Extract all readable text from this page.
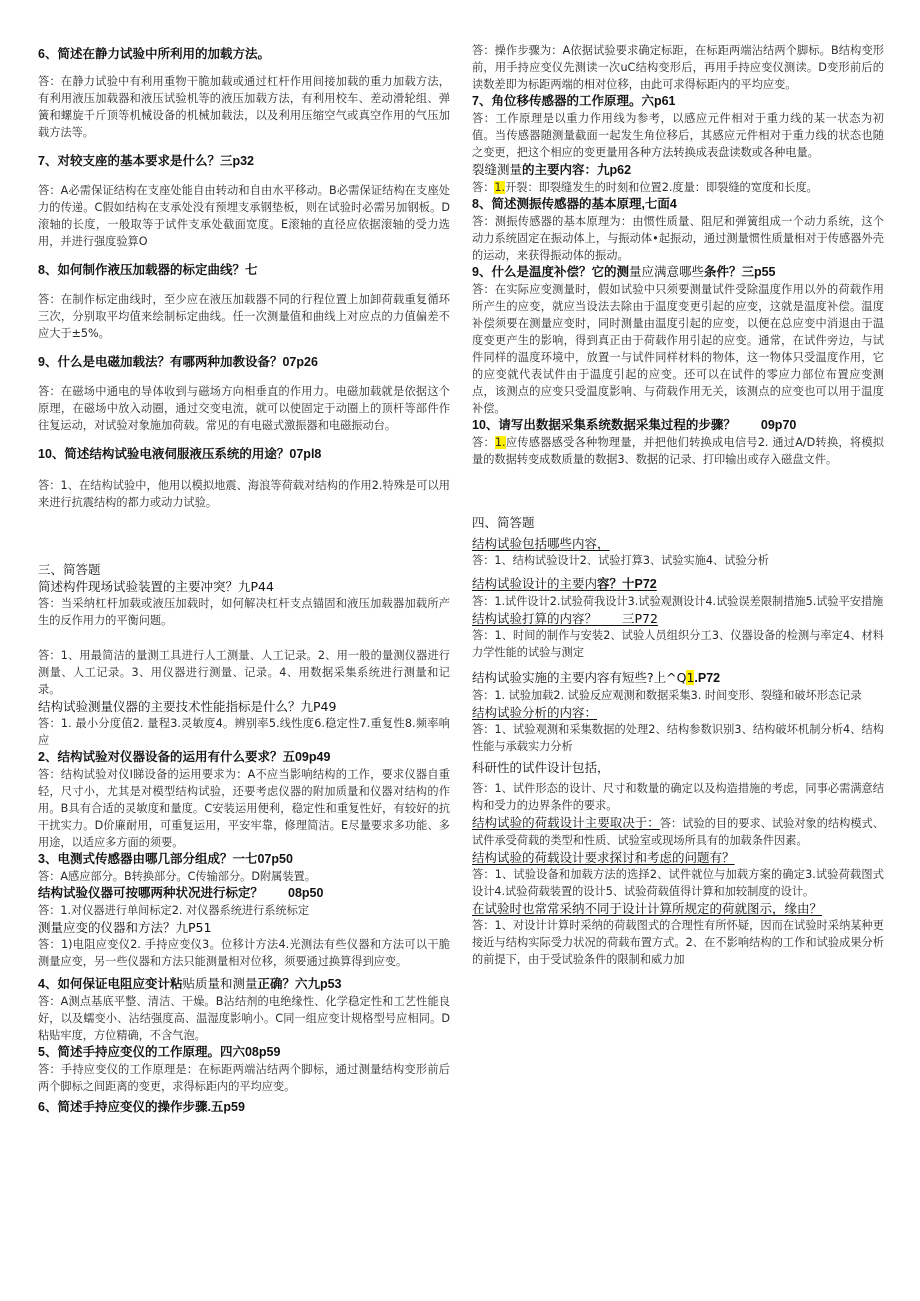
6、简述在静力试验中所利用的加载方法。
答：在静力试验中有利用重物干脆加载或通过杠杆作用间接加载的重力加载方法，有利用液压加载器和液压试验机等的液压加载方法，有利用校车、差动滑轮组、弹簧和螺旋千斤顶等机械设备的机械加载法，以及利用压缩空气或真空作用的气压加载方法等。
7、对较支座的基本要求是什么？三p32
答：A必需保证结构在支座处能自由转动和自由水平移动。B必需保证结构在支座处力的传递。C假如结构在支承处没有预埋支承钢垫板，则在试验时必需另加钢板。D滚轴的长度，一般取等于试件支承处截面宽度。E滚轴的直径应依据滚轴的受力选用，并进行强度验算O
8、如何制作液压加载器的标定曲线？七
答：在制作标定曲线时，至少应在液压加载器不同的行程位置上加卸荷载重复循环三次，分别取平均值来绘制标定曲线。任一次测量值和曲线上对应点的力值偏差不应大于±5%。
9、什么是电磁加载法？有哪两种加教设备？07p26
答：在磁场中通电的导体收到与磁场方向相垂直的作用力。电磁加载就是依据这个原理，在磁场中放入动圈，通过交变电流，就可以使固定于动圈上的顶杆等部件作往复运动，对试验对象施加荷载。常见的有电磁式激振器和电磁振动台。
10、简述结构试验电液伺服液压系统的用途？07pl8
答：1、在结构试验中，他用以模拟地震、海浪等荷载对结构的作用2.特殊是可以用来进行抗震结构的都力或动力试验。
三、简答题
简述构件现场试验装置的主要冲突？九P44
答：当采纳杠杆加载或液压加载时，如何解决杠杆支点锚固和液压加载器加载所产生的反作用力的平衡问题。
答：1、用最简洁的量测工具进行人工测量、人工记录。2、用一般的量测仪器进行测量、人工记录。3、用仪器进行测量、记录。4、用数据采集系统进行测量和记录。
结构试验测量仪器的主要技术性能指标是什么？九P49
答：1. 最小分度值2. 量程3.灵敏度4。辨别率5.线性度6.稳定性7.重复性8.频率响应
2、结构试验对仪器设备的运用有什么要求？五09p49
答：结构试验对仪I睇设备的运用要求为：A不应当影响结构的工作，要求仪器自重轻，尺寸小，尤其是对模型结构试验，还要考虑仪器的附加质量和仪器对结构的作用。B具有合适的灵敏度和量度。C安装运用便利，稳定性和重复性好，有较好的抗干扰实力。D价廉耐用，可重复运用，平安牢靠，修理简洁。E尽量要求多功能、多用途，以适应多方面的须要。
3、电测式传感器由哪几部分组成？一七07p50
答：A感应部分。B转换部分。C传输部分。D附属装置。
结构试验仪器可按哪两种状况进行标定？　　08p50
答：1.对仪器进行单间标定2. 对仪器系统进行系统标定
测量应变的仪器和方法？九P51
答：1)电阻应变仪2. 手持应变仪3。位移计方法4.光测法有些仪器和方法可以干脆测量应变，另一些仪器和方法只能测量相对位移，须要通过换算得到应变。
4、如何保证电阻应变计粘贴质量和测量正确？六九p53
答：A测点基底平整、清洁、干燥。B沾结剂的电绝缘性、化学稳定性和工艺性能良好，以及蠕变小、沾结强度高、温湿度影响小。C同一组应变计规格型号应相同。D粘贴牢度，方位精确，不含气泡。
5、简述手持应变仪的工作原理。四六08p59
答：手持应变仪的工作原理是：在标距两端沾结两个脚标，通过测量结构变形前后两个脚标之间距离的变更，求得标距内的平均应变。
6、简述手持应变仪的操作步骤.五p59
答：操作步骤为：A依据试验要求确定标距，在标距两端沾结两个脚标。B结构变形前，用手持应变仪先测读一次uC结构变形后，再用手持应变仪测读。D变形前后的读数差即为标距两端的相对位移，由此可求得标距内的平均应变。
7、角位移传感器的工作原理。六p61
答：工作原理是以重力作用线为参考，以感应元件相对于重力线的某一状态为初值。当传感器随测量截面一起发生角位移后，其感应元件相对于重力线的状态也随之变更，把这个相应的变更量用各种方法转换成表盘读数或各种电量。
裂缝测量的主要内容：九p62
答：1.开裂：即裂缝发生的时刻和位置2.度量：即裂缝的宽度和长度。
8、简述测振传感器的基本原理,七面4
答：测振传感器的基本原理为：由惯性质量、阻尼和弹簧组成一个动力系统，这个动力系统固定在振动体上，与振动体•起振动，通过测量惯性质量相对于传感器外壳的运动，来获得振动体的振动。
9、什么是温度补偿？它的测量应满意哪些条件？三p55
答：在实际应变测量时，假如试验中只须要测量试件受除温度作用以外的荷载作用所产生的应变，就应当设法去除由于温度变更引起的应变，这就是温度补偿。温度补偿须要在测量应变时，同时测量由温度引起的应变，以便在总应变中消退由于温度变更产生的影响，得到真正由于荷载作用引起的应变。通常，在试件旁边，与试件同样的温度环境中，放置一与试件同样材料的物体，这一物体只受温度作用，它的应变就代表试件由于温度引起的应变。还可以在试件的零应力部位布置应变测点，该测点的应变只受温度影响、与荷载作用无关，该测点的应变也可以用于温度补偿。
10、请写出数据采集系统数据采集过程的步骤？　　09p70
答：1.应传感器感受各种物理量，并把他们转换成电信号2. 通过A/D转换，将模拟量的数据转变成数质量的数据3、数据的记录、打印输出或存入磁盘文件。
四、简答题
结构试验包括哪些内容，
答：1、结构试验设计2、试验打算3、试验实施4、试验分析
结构试验设计的主要内容？十P72
答：1.试件设计2.试验荷我设计3.试验观测设计4.试验误差限制措施5.试验平安措施
结构试验打算的内容？　　三P72
答：1、时间的制作与安装2、试验人员组织分工3、仪器设备的检测与率定4、材料力学性能的试验与测定
结构试验实施的主要内容有短些?上^Q1.P72
答：1. 试验加载2. 试验反应观测和数据采集3. 时间变形、裂缝和破坏形态记录
结构试验分析的内容：
答：1、试验观测和采集数据的处理2、结构参数识别3、结构破坏机制分析4、结构性能与承载实力分析
科研性的试件设计包括，
答：1、试件形态的设计、尺寸和数量的确定以及构造措施的考虑，同事必需满意结构和受力的边界条件的要求。
结构试验的荷载设计主要取决于：答：试验的目的要求、试验对象的结构模式、试件承受荷载的类型和性质、试验室或现场所具有的加载条件因素。
结构试验的荷载设计要求探讨和考虑的问题有？
答：1、试验设备和加载方法的选择2、试件就位与加载方案的确定3.试验荷载图式设计4.试验荷载装置的设计5、试验荷载值得计算和加较制度的设计。
在试验时也常常采纳不同于设计计算所规定的荷就图示，缘由？
答：1、对设计计算时采纳的荷载图式的合理性有所怀疑，因而在试验时采纳某种更接近与结构实际受力状况的荷载布置方式。2、在不影响结构的工作和试验成果分析的前提下，由于受试验条件的限制和威力加
